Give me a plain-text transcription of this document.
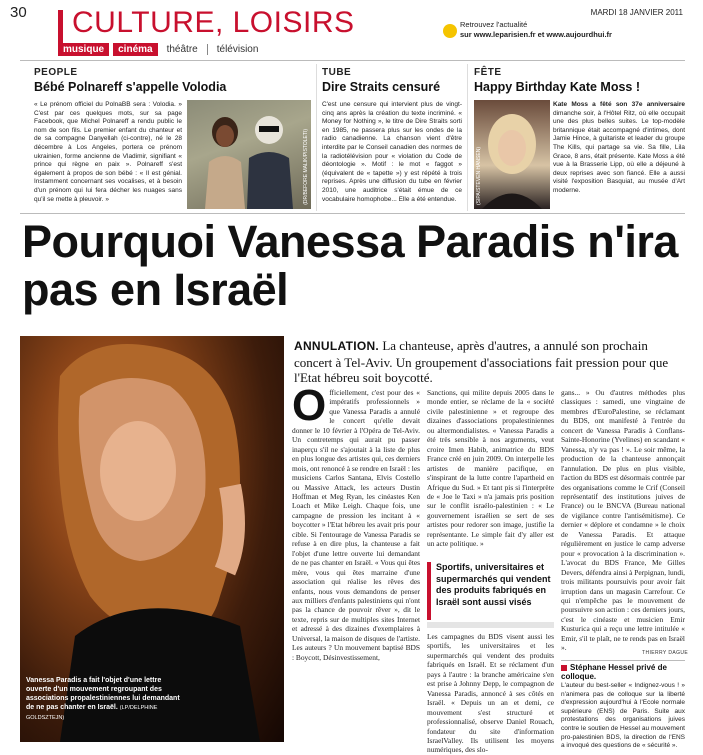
30 CULTURE, LOISIRS
musique	cinéma	théâtre	télévision
MARDI 18 JANVIER 2011
Retrouvez l'actualité
sur www.leparisien.fr et www.aujourdhui.fr
PEOPLE
Bébé Polnareff s'appelle Volodia
« Le prénom officiel du PolnaBB sera : Volodia. » C'est par ces quelques mots, sur sa page Facebook, que Michel Polnareff a rendu public le nom de son fils. Le premier enfant du chanteur et de sa compagne Danyellah (ci-contre), né le 28 décembre à Los Angeles, portera ce prénom ukrainien, forme ancienne de Vladimir, signifiant « prince qui règne en paix ». Polnareff s'est également à propos de son bébé : « Il est génial. Instamment concernant ses vocalises, et à besoin d'un prénom qui lui fera décher les nuages sans qu'il se mette à pleuvoir. »	(DR/BEFORE MALIK/PISTOLETI)
TUBE
Dire Straits censuré
C'est une censure qui intervient plus de vingt-cinq ans après la création du texte incriminé. « Money for Nothing », le titre de Dire Straits sorti en 1985, ne passera plus sur les ondes de la radio canadienne. La chanson vient d'être interdite par le Conseil canadien des normes de la radiotélévision pour « violation du Code de déontologie ». Motif : le mot « faggot » (équivalent de « tapette ») y est répété à trois reprises. Après une diffusion du tube en février 2010, une auditrice s'était émue de ce vocabulaire homophobe... Elle a été entendue.
FÊTE
Happy Birthday Kate Moss !
(SIPA/STEVEN HANSEN)
Kate Moss a fêté son 37e anniversaire dimanche soir, à l'Hôtel Ritz, où elle occupait une des plus belles suites. Le top-modèle britannique était accompagné d'intimes, dont Jamie Hince, à guitariste et leader du groupe The Kills, qui partage sa vie. Sa fille, Lila Grace, 8 ans, était présente. Kate Moss a été vue à la Brasserie Lipp, où elle a déjeuné à deux reprises avec son fiancé. Elle a aussi visité l'exposition Basquiat, au musée d'Art moderne.
Pourquoi Vanessa Paradis n'ira pas en Israël
Vanessa Paradis a fait l'objet d'une lettre ouverte d'un mouvement regroupant des associations propalestiniennes lui demandant de ne pas chanter en Israël. (LP/DELPHINE GOLDSZTEJN)
ANNULATION. La chanteuse, après d'autres, a annulé son prochain concert à Tel-Aviv. Un groupement d'associations fait pression pour que l'Etat hébreu soit boycotté.
Officiellement, c'est pour des « impératifs professionnels » que Vanessa Paradis a annulé le concert qu'elle devait donner le 10 février à l'Opéra de Tel-Aviv. Un contretemps qui aurait pu passer inaperçu s'il ne s'ajoutait à la liste de plus en plus longue des artistes qui, ces derniers mois, ont renoncé à se rendre en Israël : les musiciens Carlos Santana, Elvis Costello ou Massive Attack, les acteurs Dustin Hoffman et Meg Ryan, les cinéastes Ken Loach et Mike Leigh. Chaque fois, une campagne de pression les incitant à « boycotter » l'Etat hébreu les avait pris pour cible. Si l'entourage de Vanessa Paradis se refuse à en dire plus, la chanteuse a fait l'objet d'une lettre ouverte lui demandant de ne pas chanter en Israël. « Vous qui êtes mère, vous qui êtes marraine d'une association qui réalise les rêves des enfants, nous vous demandons de penser aux milliers d'enfants palestiniens qui n'ont pas la chance de pouvoir rêver », dit le texte, repris sur de multiples sites Internet et adressé à des dizaines d'exemplaires à Universal, la maison de disques de l'artiste. Les auteurs ? Un mouvement baptisé BDS : Boycott, Désinvestissement,
Sanctions, qui milite depuis 2005 dans le monde entier, se réclame de la « société civile palestinienne » et regroupe des dizaines d'associations propalestiniennes ou altermondialistes. « Vanessa Paradis a été très sensible à nos arguments, veut croire Imen Habib, animatrice du BDS France créé en juin 2009. On interpelle les artistes de manière pacifique, en s'inspirant de la lutte contre l'apartheid en Afrique du Sud. » Et tant pis si l'interprète de « Joe le Taxi » n'a jamais pris position sur le conflit israélo-palestinien : « Le gouvernement israélien se sert de ses artistes pour redorer son image, justifie la représentante. Le simple fait d'y aller est un acte politique. »
Sportifs, universitaires et supermarchés qui vendent des produits fabriqués en Israël sont aussi visés
Les campagnes du BDS visent aussi les sportifs, les universitaires et les supermarchés qui vendent des produits fabriqués en Israël. Et se réclament d'un pays à l'autre : la branche américaine s'en est prise à Johnny Depp, le compagnon de Vanessa Paradis, annoncé à ses côtés en Israël. « Depuis un an et demi, ce mouvement s'est structuré et professionnalisé, observe Daniel Rouach, fondateur du site d'information IsraelValley. Ils utilisent les moyens numériques, des slo-
gans... » Ou d'autres méthodes plus classiques : samedi, une vingtaine de membres d'EuroPalestine, se réclamant du BDS, ont manifesté à l'entrée du concert de Vanessa Paradis à Conflans-Sainte-Honorine (Yvelines) en scandant « Vanessa, n'y va pas ! ». Le soir même, la production de la chanteuse annonçait l'annulation. De plus en plus visible, l'action du BDS est désormais contrée par des organisations comme le Crif (Conseil représentatif des institutions juives de France) ou le BNCVA (Bureau national de vigilance contre l'antisémitisme). Ce dernier « déplore et condamne » le choix de Vanessa Paradis. Et attaque régulièrement en justice le camp adverse pour « provocation à la discrimination ». L'avocat du BDS France, Me Gilles Devers, défendra ainsi à Perpignan, lundi, trois militants poursuivis pour avoir fait irruption dans un magasin Carrefour. Ce qui n'empêche pas le mouvement de poursuivre son action : ces derniers jours, c'est le cinéaste et musicien Emir Kusturica qui a reçu une lettre intitulée « Emir, s'il te plaît, ne te rends pas en Israël ».
THIERRY DAGUE
Stéphane Hessel privé de colloque.
L'auteur du best-seller « Indignez-vous ! » n'animera pas de colloque sur la liberté d'expression aujourd'hui à l'Ecole normale supérieure (ENS) de Paris. Suite aux protestations des organisations juives contre le soutien de Hessel au mouvement pro-palestinien BDS, la direction de l'ENS a invoqué des questions de « sécurité ».
